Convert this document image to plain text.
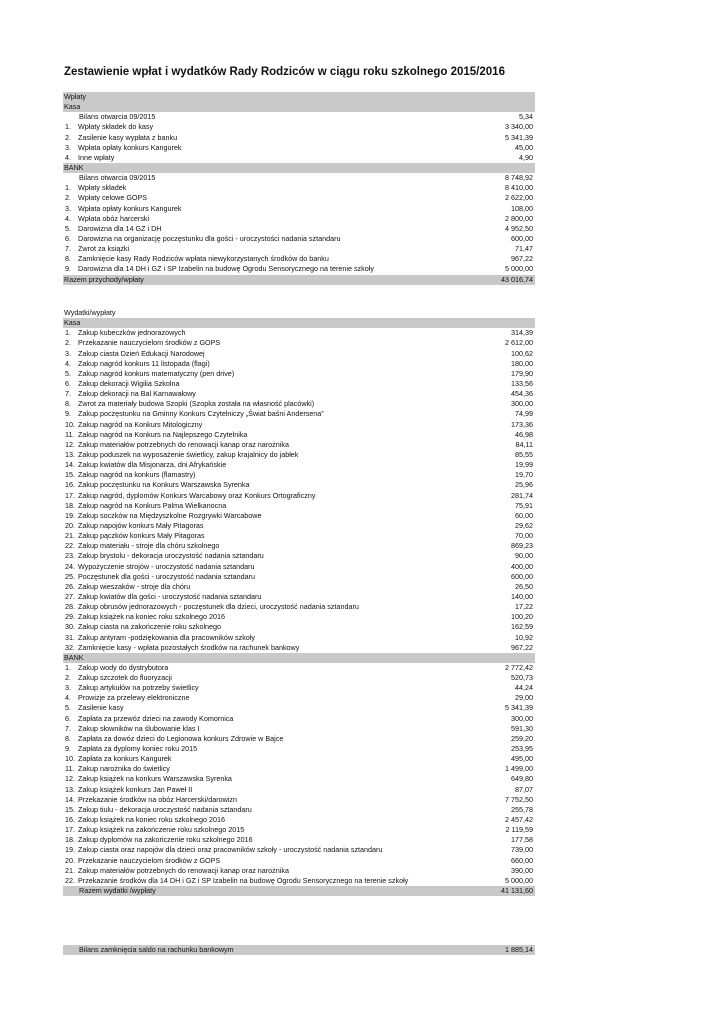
Zestawienie wpłat i wydatków Rady Rodziców w ciągu roku szkolnego 2015/2016
Wpłaty
Kasa
Bilans otwarcia 09/2015	5,34
1. Wpłaty składek do kasy	3 340,00
2. Zasilenie kasy wypłata z banku	5 341,39
3. Wpłata opłaty konkurs Kangurek	45,00
4. Inne wpłaty	4,90
BANK
Bilans otwarcia 09/2015	8 748,92
1. Wpłaty składek	8 410,00
2. Wpłaty celowe GOPS	2 622,00
3. Wpłata opłaty konkurs Kangurek	108,00
4. Wpłata obóz harcerski	2 800,00
5. Darowizna dla 14 GZ i DH	4 952,50
6. Darowizna na organizację poczęstunku dla gości - uroczystości nadania sztandaru	600,00
7. Zwrot za książki	71,47
8. Zamknięcie kasy Rady Rodziców wpłata niewykorzystanych środków do banku	967,22
9. Darowizna dla 14 DH i GZ i SP Izabelin na budowę Ogrodu Sensorycznego na terenie szkoły	5 000,00
Razem przychody/wpłaty	43 016,74
Wydatki/wypłaty
Kasa
1. Zakup kubeczków jednorazowych	314,39
2. Przekazanie nauczycielom środków z GOPS	2 612,00
3. Zakup ciasta Dzień Edukacji Narodowej	100,62
4. Zakup nagród konkurs 11 listopada (flagi)	180,00
5. Zakup nagród konkurs matematyczny (pen drive)	179,90
6. Zakup dekoracji Wigilia Szkolna	133,56
7. Zakup dekoracji na Bal Karnawałowy	454,36
8. Zwrot za materiały budowa Szopki (Szopka została na własność placówki)	300,00
9. Zakup poczęstunku na Gminny Konkurs Czytelniczy „Świat baśni Andersena”	74,99
10. Zakup nagród na Konkurs Mitologiczny	173,36
11. Zakup nagród na Konkurs na Najlepszego Czytelnika	46,98
12. Zakup materiałów potrzebnych do renowacji kanap oraz narożnika	84,11
13. Zakup poduszek na wyposażenie świetlicy, zakup krajalnicy do jabłek	85,55
14. Zakup kwiatów dla Misjonarza, dni Afrykańskie	19,99
15. Zakup nagród na konkurs (flamastry)	19,70
16. Zakup poczęstunku na Konkurs Warszawska Syrenka	25,96
17. Zakup nagród, dyplomów Konkurs Warcabowy oraz Konkurs Ortograficzny	281,74
18. Zakup nagród na Konkurs Palma Wielkanocna	75,91
19. Zakup soczków na Międzyszkolne Rozgrywki Warcabowe	60,00
20. Zakup napojów konkurs Mały Pitagoras	29,62
21. Zakup pączków konkurs Mały Pitagoras	70,00
22. Zakup materiału - stroje dla chóru szkolnego	869,23
23. Zakup brystolu - dekoracja uroczystość nadania sztandaru	90,00
24. Wypożyczenie strojów - uroczystość nadania sztandaru	400,00
25. Poczęstunek dla gości - uroczystość nadania sztandaru	600,00
26. Zakup wieszaków - stroje dla chóru	26,50
27. Zakup kwiatów dla gości - uroczystość nadania sztandaru	140,00
28. Zakup obrusów jednorazowych - poczęstunek dla dzieci, uroczystość nadania sztandaru	17,22
29. Zakup książek na koniec roku szkolnego 2016	100,20
30. Zakup ciasta na zakończenie roku szkolnego	162,59
31. Zakup antyram -podziękowania dla pracowników szkoły	10,92
32. Zamknięcie kasy - wpłata pozostałych środków na rachunek bankowy	967,22
BANK
1. Zakup wody do dystrybutora	2 772,42
2. Zakup szczotek do fluoryzacji	520,73
3. Zakup artykułów na potrzeby świetlicy	44,24
4. Prowizje za przelewy elektroniczne	29,00
5. Zasilenie kasy	5 341,39
6. Zapłata za przewóz dzieci na zawody Komornica	300,00
7. Zakup słowników na ślubowanie klas I	591,30
8. Zapłata za dowóz dzieci do Legionowa konkurs Zdrowie w Bajce	259,20
9. Zapłata za dyplomy koniec roku 2015	253,95
10. Zapłata za konkurs Kangurek	495,00
11. Zakup narożnika do świetlicy	1 499,00
12. Zakup książek na konkurs Warszawska Syrenka	649,80
13. Zakup książek konkurs Jan Paweł II	87,07
14. Przekazanie środków na obóz Harcerski/darowizn	7 752,50
15. Zakup tiulu - dekoracja uroczystość nadania sztandaru	255,78
16. Zakup książek na koniec roku szkolnego 2016	2 457,42
17. Zakup książek na zakończenie roku szkolnego 2015	2 119,59
18. Zakup dyplomów na zakończenie roku szkolnego 2016	177,58
19. Zakup ciasta oraz napojów dla dzieci oraz pracowników szkoły - uroczystość nadania sztandaru	739,00
20. Przekazanie nauczycielom środków z GOPS	660,00
21. Zakup materiałów potrzebnych do renowacji kanap oraz narożnika	390,00
22. Przekazanie środków dla 14 DH i GZ i SP Izabelin na budowę Ogrodu Sensorycznego na terenie szkoły	5 000,00
Razem wydatki /wypłaty	41 131,60
Bilans zamknięcia saldo na rachunku bankowym	1 885,14
